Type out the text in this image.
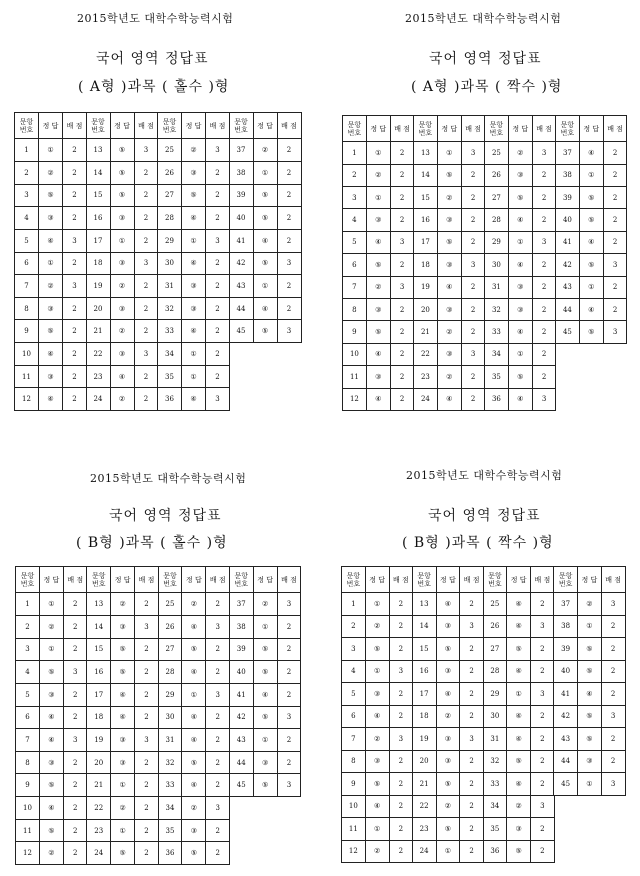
2015학년도 대학수학능력시험
국어 영역 정답표
( A형 )과목 ( 홀수 )형
문항
번호	정 답	배 점	문항
번호	정 답	배 점	문항
번호	정 답	배 점	문항
번호	정 답	배 점
1	①	2	13	⑤	3	25	②	3	37	②	2
2	②	2	14	⑤	2	26	③	2	38	①	2
3	⑤	2	15	⑤	2	27	⑤	2	39	⑤	2
4	③	2	16	③	2	28	④	2	40	⑤	2
5	④	3	17	①	2	29	①	3	41	④	2
6	①	2	18	③	3	30	④	2	42	⑤	3
7	②	3	19	②	2	31	③	2	43	①	2
8	③	2	20	③	2	32	③	2	44	④	2
9	⑤	2	21	②	2	33	④	2	45	⑤	3
10	④	2	22	③	3	34	①	2
11	③	2	23	④	2	35	①	2
12	④	2	24	②	2	36	④	3
2015학년도 대학수학능력시험
국어 영역 정답표
( A형 )과목 ( 짝수 )형
문항
번호	정 답	배 점	문항
번호	정 답	배 점	문항
번호	정 답	배 점	문항
번호	정 답	배 점
1	①	2	13	①	3	25	②	3	37	④	2
2	②	2	14	⑤	2	26	③	2	38	①	2
3	①	2	15	②	2	27	⑤	2	39	⑤	2
4	③	2	16	③	2	28	④	2	40	⑤	2
5	④	3	17	⑤	2	29	①	3	41	④	2
6	⑤	2	18	③	3	30	④	2	42	⑤	3
7	②	3	19	④	2	31	③	2	43	①	2
8	③	2	20	③	2	32	③	2	44	④	2
9	⑤	2	21	②	2	33	④	2	45	⑤	3
10	④	2	22	③	3	34	①	2
11	③	2	23	②	2	35	⑤	2
12	④	2	24	④	2	36	④	3
2015학년도 대학수학능력시험
국어 영역 정답표
( B형 )과목 ( 홀수 )형
문항
번호	정 답	배 점	문항
번호	정 답	배 점	문항
번호	정 답	배 점	문항
번호	정 답	배 점
1	①	2	13	②	2	25	②	2	37	②	3
2	②	2	14	③	3	26	④	3	38	①	2
3	①	2	15	⑤	2	27	⑤	2	39	⑤	2
4	⑤	3	16	⑤	2	28	④	2	40	⑤	2
5	③	2	17	④	2	29	①	3	41	④	2
6	④	2	18	④	2	30	④	2	42	⑤	3
7	④	3	19	③	3	31	④	2	43	①	2
8	③	2	20	③	2	32	⑤	2	44	③	2
9	⑤	2	21	①	2	33	④	2	45	⑤	3
10	④	2	22	②	2	34	②	3
11	⑤	2	23	①	2	35	③	2
12	②	2	24	⑤	2	36	⑤	2
2015학년도 대학수학능력시험
국어 영역 정답표
( B형 )과목 ( 짝수 )형
문항
번호	정 답	배 점	문항
번호	정 답	배 점	문항
번호	정 답	배 점	문항
번호	정 답	배 점
1	①	2	13	④	2	25	④	2	37	②	3
2	②	2	14	③	3	26	④	3	38	①	2
3	⑤	2	15	⑤	2	27	⑤	2	39	⑤	2
4	①	3	16	③	2	28	④	2	40	⑤	2
5	③	2	17	④	2	29	①	3	41	④	2
6	④	2	18	②	2	30	④	2	42	⑤	3
7	②	3	19	③	3	31	④	2	43	⑤	2
8	③	2	20	③	2	32	⑤	2	44	③	2
9	⑤	2	21	⑤	2	33	④	2	45	①	3
10	④	2	22	②	2	34	②	3
11	①	2	23	⑤	2	35	③	2
12	②	2	24	①	2	36	⑤	2
